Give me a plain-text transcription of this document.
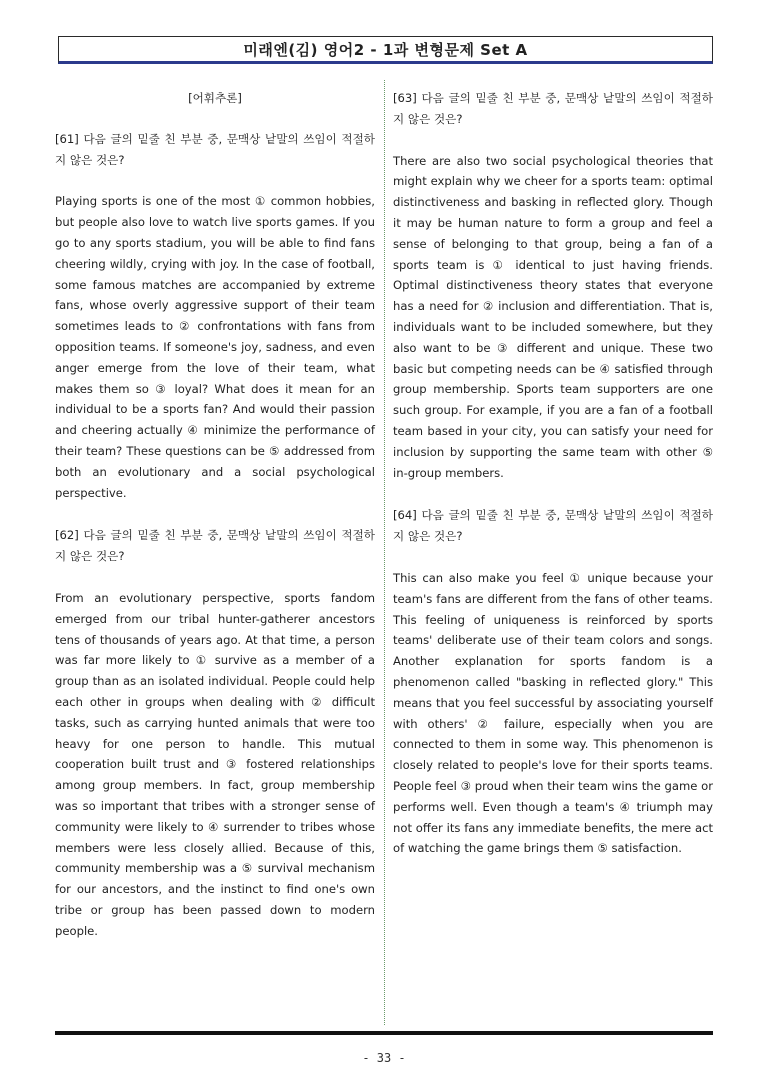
미래엔(김) 영어2 - 1과 변형문제 Set A

[어휘추론]

[61] 다음 글의 밑줄 친 부분 중, 문맥상 낱말의 쓰임이 적절하지 않은 것은?

Playing sports is one of the most ① common hobbies, but people also love to watch live sports games. If you go to any sports stadium, you will be able to find fans cheering wildly, crying with joy. In the case of football, some famous matches are accompanied by extreme fans, whose overly aggressive support of their team sometimes leads to ② confrontations with fans from opposition teams. If someone's joy, sadness, and even anger emerge from the love of their team, what makes them so ③ loyal? What does it mean for an individual to be a sports fan? And would their passion and cheering actually ④ minimize the performance of their team? These questions can be ⑤ addressed from both an evolutionary and a social psychological perspective.

[62] 다음 글의 밑줄 친 부분 중, 문맥상 낱말의 쓰임이 적절하지 않은 것은?

From an evolutionary perspective, sports fandom emerged from our tribal hunter-gatherer ancestors tens of thousands of years ago. At that time, a person was far more likely to ① survive as a member of a group than as an isolated individual. People could help each other in groups when dealing with ② difficult tasks, such as carrying hunted animals that were too heavy for one person to handle. This mutual cooperation built trust and ③ fostered relationships among group members. In fact, group membership was so important that tribes with a stronger sense of community were likely to ④ surrender to tribes whose members were less closely allied. Because of this, community membership was a ⑤ survival mechanism for our ancestors, and the instinct to find one's own tribe or group has been passed down to modern people.

[63] 다음 글의 밑줄 친 부분 중, 문맥상 낱말의 쓰임이 적절하지 않은 것은?

There are also two social psychological theories that might explain why we cheer for a sports team: optimal distinctiveness and basking in reflected glory. Though it may be human nature to form a group and feel a sense of belonging to that group, being a fan of a sports team is ① identical to just having friends. Optimal distinctiveness theory states that everyone has a need for ② inclusion and differentiation. That is, individuals want to be included somewhere, but they also want to be ③ different and unique. These two basic but competing needs can be ④ satisfied through group membership. Sports team supporters are one such group. For example, if you are a fan of a football team based in your city, you can satisfy your need for inclusion by supporting the same team with other ⑤ in-group members.

[64] 다음 글의 밑줄 친 부분 중, 문맥상 낱말의 쓰임이 적절하지 않은 것은?

This can also make you feel ① unique because your team's fans are different from the fans of other teams. This feeling of uniqueness is reinforced by sports teams' deliberate use of their team colors and songs. Another explanation for sports fandom is a phenomenon called "basking in reflected glory." This means that you feel successful by associating yourself with others' ② failure, especially when you are connected to them in some way. This phenomenon is closely related to people's love for their sports teams. People feel ③ proud when their team wins the game or performs well. Even though a team's ④ triumph may not offer its fans any immediate benefits, the mere act of watching the game brings them ⑤ satisfaction.

- 33 -
